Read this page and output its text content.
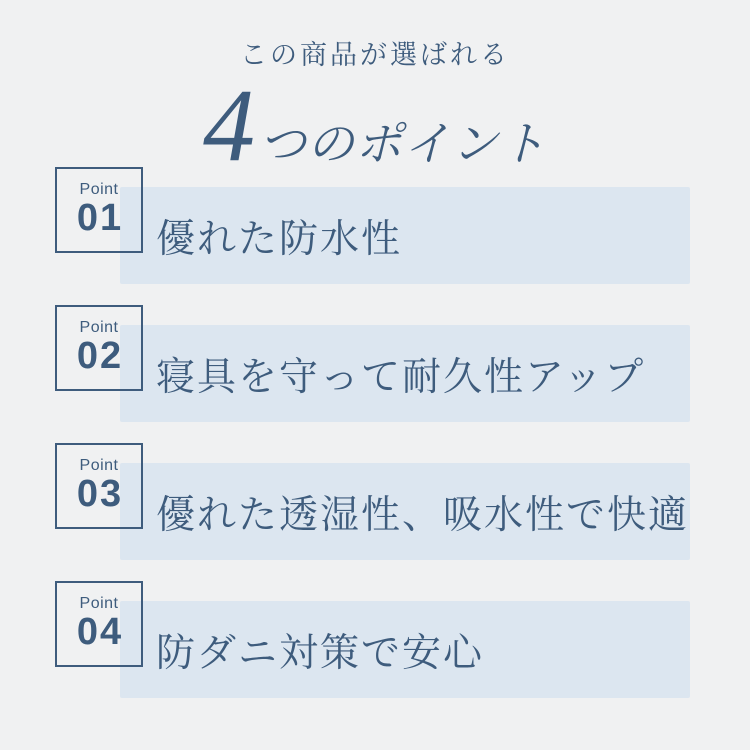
この商品が選ばれる
4 つのポイント
優れた防水性
Point
01
寝具を守って耐久性アップ
Point
02
優れた透湿性、吸水性で快適
Point
03
防ダニ対策で安心
Point
04
